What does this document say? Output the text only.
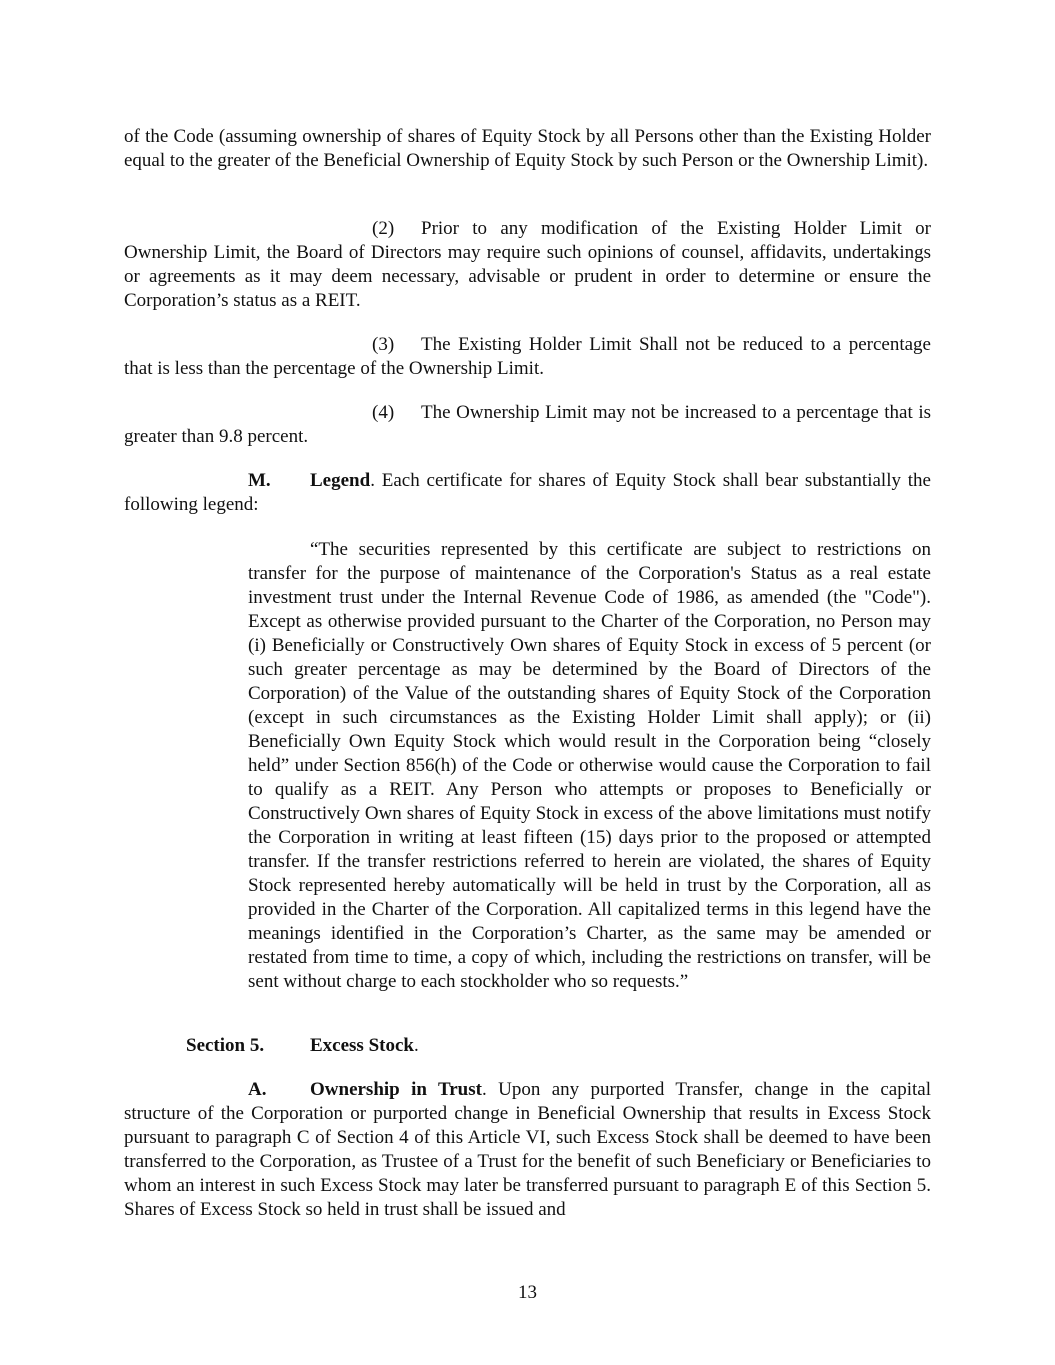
of the Code (assuming ownership of shares of Equity Stock by all Persons other than the Existing Holder equal to the greater of the Beneficial Ownership of Equity Stock by such Person or the Ownership Limit).

(2) Prior to any modification of the Existing Holder Limit or Ownership Limit, the Board of Directors may require such opinions of counsel, affidavits, undertakings or agreements as it may deem necessary, advisable or prudent in order to determine or ensure the Corporation’s status as a REIT.

(3) The Existing Holder Limit Shall not be reduced to a percentage that is less than the percentage of the Ownership Limit.

(4) The Ownership Limit may not be increased to a percentage that is greater than 9.8 percent.

M. Legend. Each certificate for shares of Equity Stock shall bear substantially the following legend:

“The securities represented by this certificate are subject to restrictions on transfer for the purpose of maintenance of the Corporation's Status as a real estate investment trust under the Internal Revenue Code of 1986, as amended (the "Code"). Except as otherwise provided pursuant to the Charter of the Corporation, no Person may (i) Beneficially or Constructively Own shares of Equity Stock in excess of 5 percent (or such greater percentage as may be determined by the Board of Directors of the Corporation) of the Value of the outstanding shares of Equity Stock of the Corporation (except in such circumstances as the Existing Holder Limit shall apply); or (ii) Beneficially Own Equity Stock which would result in the Corporation being “closely held” under Section 856(h) of the Code or otherwise would cause the Corporation to fail to qualify as a REIT. Any Person who attempts or proposes to Beneficially or Constructively Own shares of Equity Stock in excess of the above limitations must notify the Corporation in writing at least fifteen (15) days prior to the proposed or attempted transfer. If the transfer restrictions referred to herein are violated, the shares of Equity Stock represented hereby automatically will be held in trust by the Corporation, all as provided in the Charter of the Corporation. All capitalized terms in this legend have the meanings identified in the Corporation’s Charter, as the same may be amended or restated from time to time, a copy of which, including the restrictions on transfer, will be sent without charge to each stockholder who so requests.”

Section 5. Excess Stock.

A. Ownership in Trust. Upon any purported Transfer, change in the capital structure of the Corporation or purported change in Beneficial Ownership that results in Excess Stock pursuant to paragraph C of Section 4 of this Article VI, such Excess Stock shall be deemed to have been transferred to the Corporation, as Trustee of a Trust for the benefit of such Beneficiary or Beneficiaries to whom an interest in such Excess Stock may later be transferred pursuant to paragraph E of this Section 5. Shares of Excess Stock so held in trust shall be issued and

13
